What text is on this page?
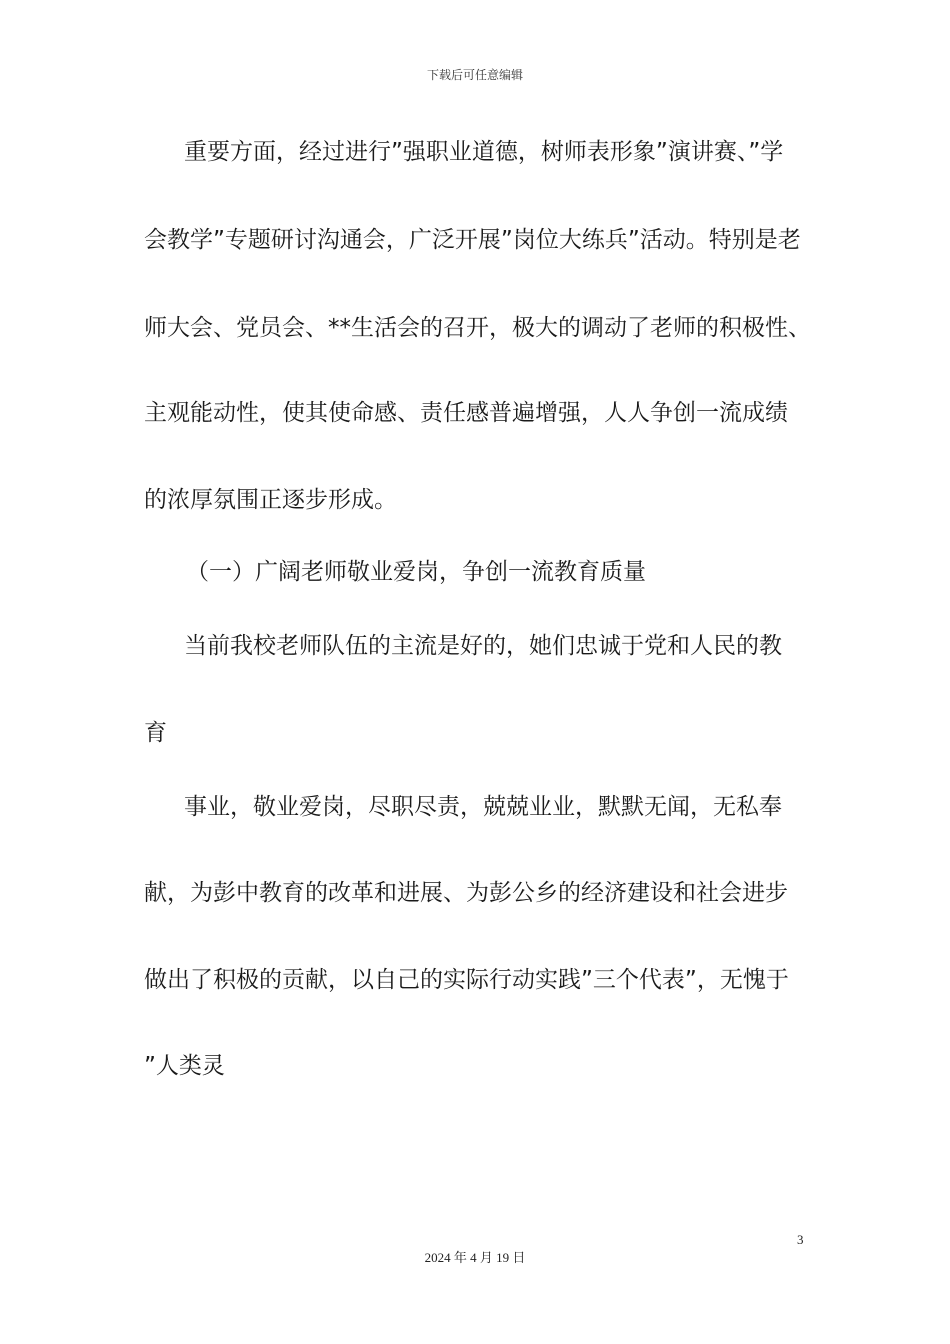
下载后可任意编辑
重要方面，经过进行”强职业道德，树师表形象”演讲赛、”学
会教学”专题研讨沟通会，广泛开展”岗位大练兵”活动。特别是老
师大会、党员会、**生活会的召开，极大的调动了老师的积极性、
主观能动性，使其使命感、责任感普遍增强，人人争创一流成绩
的浓厚氛围正逐步形成。
（一）广阔老师敬业爱岗，争创一流教育质量
当前我校老师队伍的主流是好的，她们忠诚于党和人民的教
育
事业，敬业爱岗，尽职尽责，兢兢业业，默默无闻，无私奉
献，为彭中教育的改革和进展、为彭公乡的经济建设和社会进步
做出了积极的贡献，以自己的实际行动实践”三个代表”，无愧于
”人类灵
3
2024 年 4 月 19 日
